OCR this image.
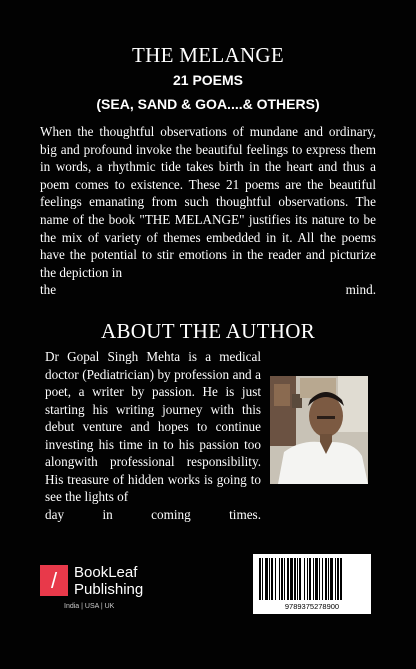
THE MELANGE
21 POEMS
(SEA, SAND & GOA....& OTHERS)
When the thoughtful observations of mundane and ordinary, big and profound invoke the beautiful feelings to express them in words, a rhythmic tide takes birth in the heart and thus a poem comes to existence. These 21 poems are the beautiful feelings emanating from such thoughtful observations. The name of the book "THE MELANGE" justifies its nature to be the mix of variety of themes embedded in it. All the poems have the potential to stir emotions in the reader and picturize the depiction in
the mind.
ABOUT THE AUTHOR
Dr Gopal Singh Mehta is a medical doctor (Pediatrician) by profession and a poet, a writer by passion. He is just starting his writing journey with this debut venture and hopes to continue investing his time in to his passion too alongwith professional responsibility. His treasure of hidden works is going to see the lights of
day in coming times.
/	BookLeaf
Publishing
India | USA | UK	9789375278900
